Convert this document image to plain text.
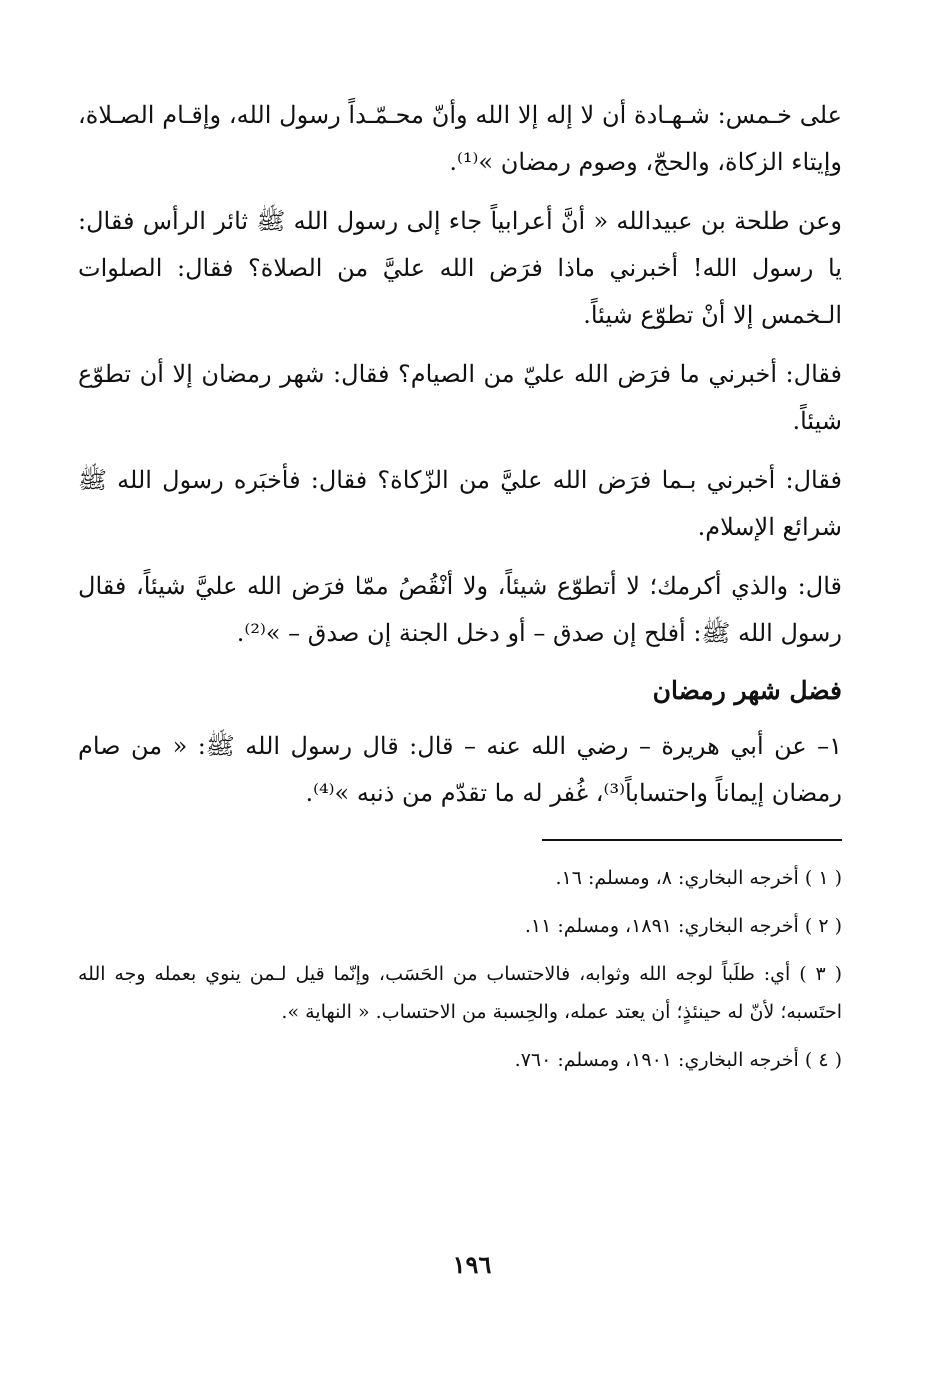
على خـمس: شـهـادة أن لا إله إلا الله وأنّ محـمّـداً رسول الله، وإقـام الصـلاة، وإيتاء الزكاة، والحجّ، وصوم رمضان »⁽¹⁾.

وعن طلحة بن عبيدالله « أنَّ أعرابياً جاء إلى رسول الله ﷺ ثائر الرأس فقال: يا رسول الله! أخبرني ماذا فرَض الله عليَّ من الصلاة؟ فقال: الصلوات الـخمس إلا أنْ تطوّع شيئاً.

فقال: أخبرني ما فرَض الله عليّ من الصيام؟ فقال: شهر رمضان إلا أن تطوّع شيئاً.

فقال: أخبرني بـما فرَض الله عليَّ من الزّكاة؟ فقال: فأخبَره رسول الله ﷺ شرائع الإسلام.

قال: والذي أكرمك؛ لا أتطوّع شيئاً، ولا أنْقُصُ ممّا فرَض الله عليَّ شيئاً، فقال رسول الله ﷺ: أفلح إن صدق – أو دخل الجنة إن صدق – »⁽²⁾.

فضل شهر رمضان

١– عن أبي هريرة – رضي الله عنه – قال: قال رسول الله ﷺ: « من صام رمضان إيماناً واحتساباً⁽³⁾، غُفر له ما تقدّم من ذنبه »⁽⁴⁾.

( ١ ) أخرجه البخاري: ٨، ومسلم: ١٦.

( ٢ ) أخرجه البخاري: ١٨٩١، ومسلم: ١١.

( ٣ ) أي: طلَباً لوجه الله وثوابه، فالاحتساب من الحَسَب، وإنّما قيل لـمن ينوي بعمله وجه الله احتَسبه؛ لأنّ له حينئذٍ؛ أن يعتد عمله، والحِسبة من الاحتساب. « النهاية ».

( ٤ ) أخرجه البخاري: ١٩٠١، ومسلم: ٧٦٠.

١٩٦
